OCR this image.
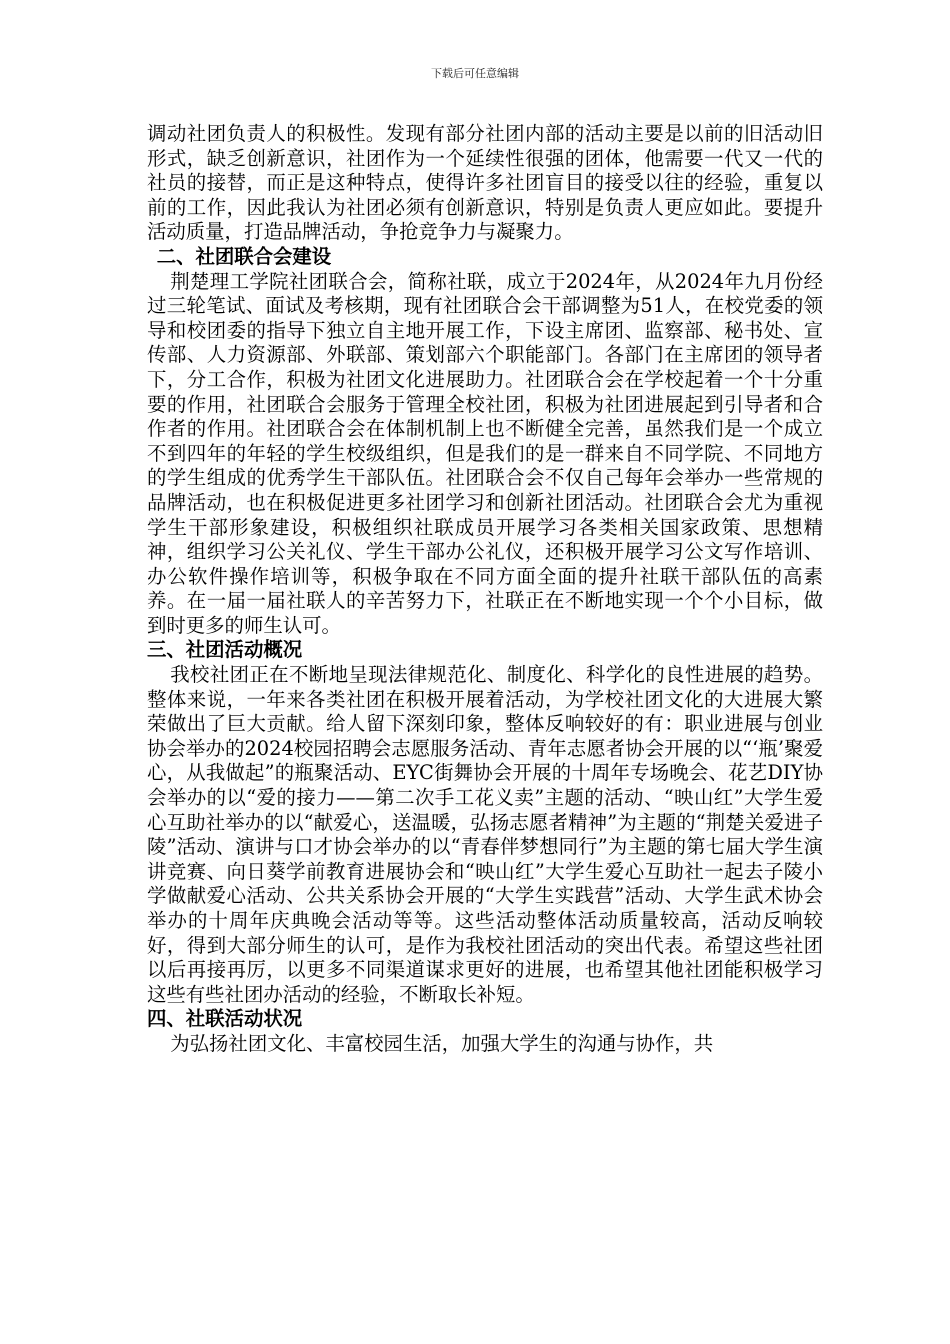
下载后可任意编辑

调动社团负责人的积极性。发现有部分社团内部的活动主要是以前的旧活动旧形式，缺乏创新意识，社团作为一个延续性很强的团体，他需要一代又一代的社员的接替，而正是这种特点，使得许多社团盲目的接受以往的经验，重复以前的工作，因此我认为社团必须有创新意识，特别是负责人更应如此。要提升活动质量，打造品牌活动，争抢竞争力与凝聚力。

二、社团联合会建设

荆楚理工学院社团联合会，简称社联，成立于2024年，从2024年九月份经过三轮笔试、面试及考核期，现有社团联合会干部调整为51人，在校党委的领导和校团委的指导下独立自主地开展工作，下设主席团、监察部、秘书处、宣传部、人力资源部、外联部、策划部六个职能部门。各部门在主席团的领导者下，分工合作，积极为社团文化进展助力。社团联合会在学校起着一个十分重要的作用，社团联合会服务于管理全校社团，积极为社团进展起到引导者和合作者的作用。社团联合会在体制机制上也不断健全完善，虽然我们是一个成立不到四年的年轻的学生校级组织，但是我们的是一群来自不同学院、不同地方的学生组成的优秀学生干部队伍。社团联合会不仅自己每年会举办一些常规的品牌活动，也在积极促进更多社团学习和创新社团活动。社团联合会尤为重视学生干部形象建设，积极组织社联成员开展学习各类相关国家政策、思想精神，组织学习公关礼仪、学生干部办公礼仪，还积极开展学习公文写作培训、办公软件操作培训等，积极争取在不同方面全面的提升社联干部队伍的高素养。在一届一届社联人的辛苦努力下，社联正在不断地实现一个个小目标，做到时更多的师生认可。

三、社团活动概况

我校社团正在不断地呈现法律规范化、制度化、科学化的良性进展的趋势。整体来说，一年来各类社团在积极开展着活动，为学校社团文化的大进展大繁荣做出了巨大贡献。给人留下深刻印象，整体反响较好的有：职业进展与创业协会举办的2024校园招聘会志愿服务活动、青年志愿者协会开展的以“‘瓶’聚爱心，从我做起”的瓶聚活动、EYC街舞协会开展的十周年专场晚会、花艺DIY协会举办的以“爱的接力——第二次手工花义卖”主题的活动、“映山红”大学生爱心互助社举办的以“献爱心，送温暖，弘扬志愿者精神”为主题的“荆楚关爱进子陵”活动、演讲与口才协会举办的以“青春伴梦想同行”为主题的第七届大学生演讲竞赛、向日葵学前教育进展协会和“映山红”大学生爱心互助社一起去子陵小学做献爱心活动、公共关系协会开展的“大学生实践营”活动、大学生武术协会举办的十周年庆典晚会活动等等。这些活动整体活动质量较高，活动反响较好，得到大部分师生的认可，是作为我校社团活动的突出代表。希望这些社团以后再接再厉，以更多不同渠道谋求更好的进展，也希望其他社团能积极学习这些有些社团办活动的经验，不断取长补短。

四、社联活动状况

为弘扬社团文化、丰富校园生活，加强大学生的沟通与协作，共
